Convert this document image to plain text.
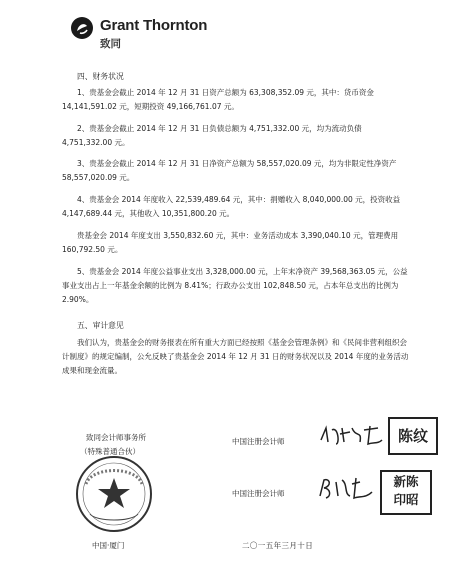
Grant Thornton
致同
四、财务状况
1、贵基金会截止 2014 年 12 月 31 日资产总额为 63,308,352.09 元，其中：货币资金 14,141,591.02 元，短期投资 49,166,761.07 元。
2、贵基金会截止 2014 年 12 月 31 日负债总额为 4,751,332.00 元，均为流动负债 4,751,332.00 元。
3、贵基金会截止 2014 年 12 月 31 日净资产总额为 58,557,020.09 元，均为非限定性净资产 58,557,020.09 元。
4、贵基金会 2014 年度收入 22,539,489.64 元，其中：捐赠收入 8,040,000.00 元，投资收益 4,147,689.44 元，其他收入 10,351,800.20 元。
贵基金会 2014 年度支出 3,550,832.60 元，其中：业务活动成本 3,390,040.10 元，管理费用 160,792.50 元。
5、贵基金会 2014 年度公益事业支出 3,328,000.00 元，上年末净资产 39,568,363.05 元，公益事业支出占上一年基金余额的比例为 8.41%；行政办公支出 102,848.50 元，占本年总支出的比例为 2.90%。
五、审计意见
我们认为，贵基金会的财务报表在所有重大方面已经按照《基金会管理条例》和《民间非营利组织会计制度》的规定编制，公允反映了贵基金会 2014 年 12 月 31 日的财务状况以及 2014 年度的业务活动成果和现金流量。
致同会计师事务所
（特殊普通合伙）
中国·厦门
中国注册会计师	陈纹
中国注册会计师
新陈
印昭
二〇一五年三月十日
